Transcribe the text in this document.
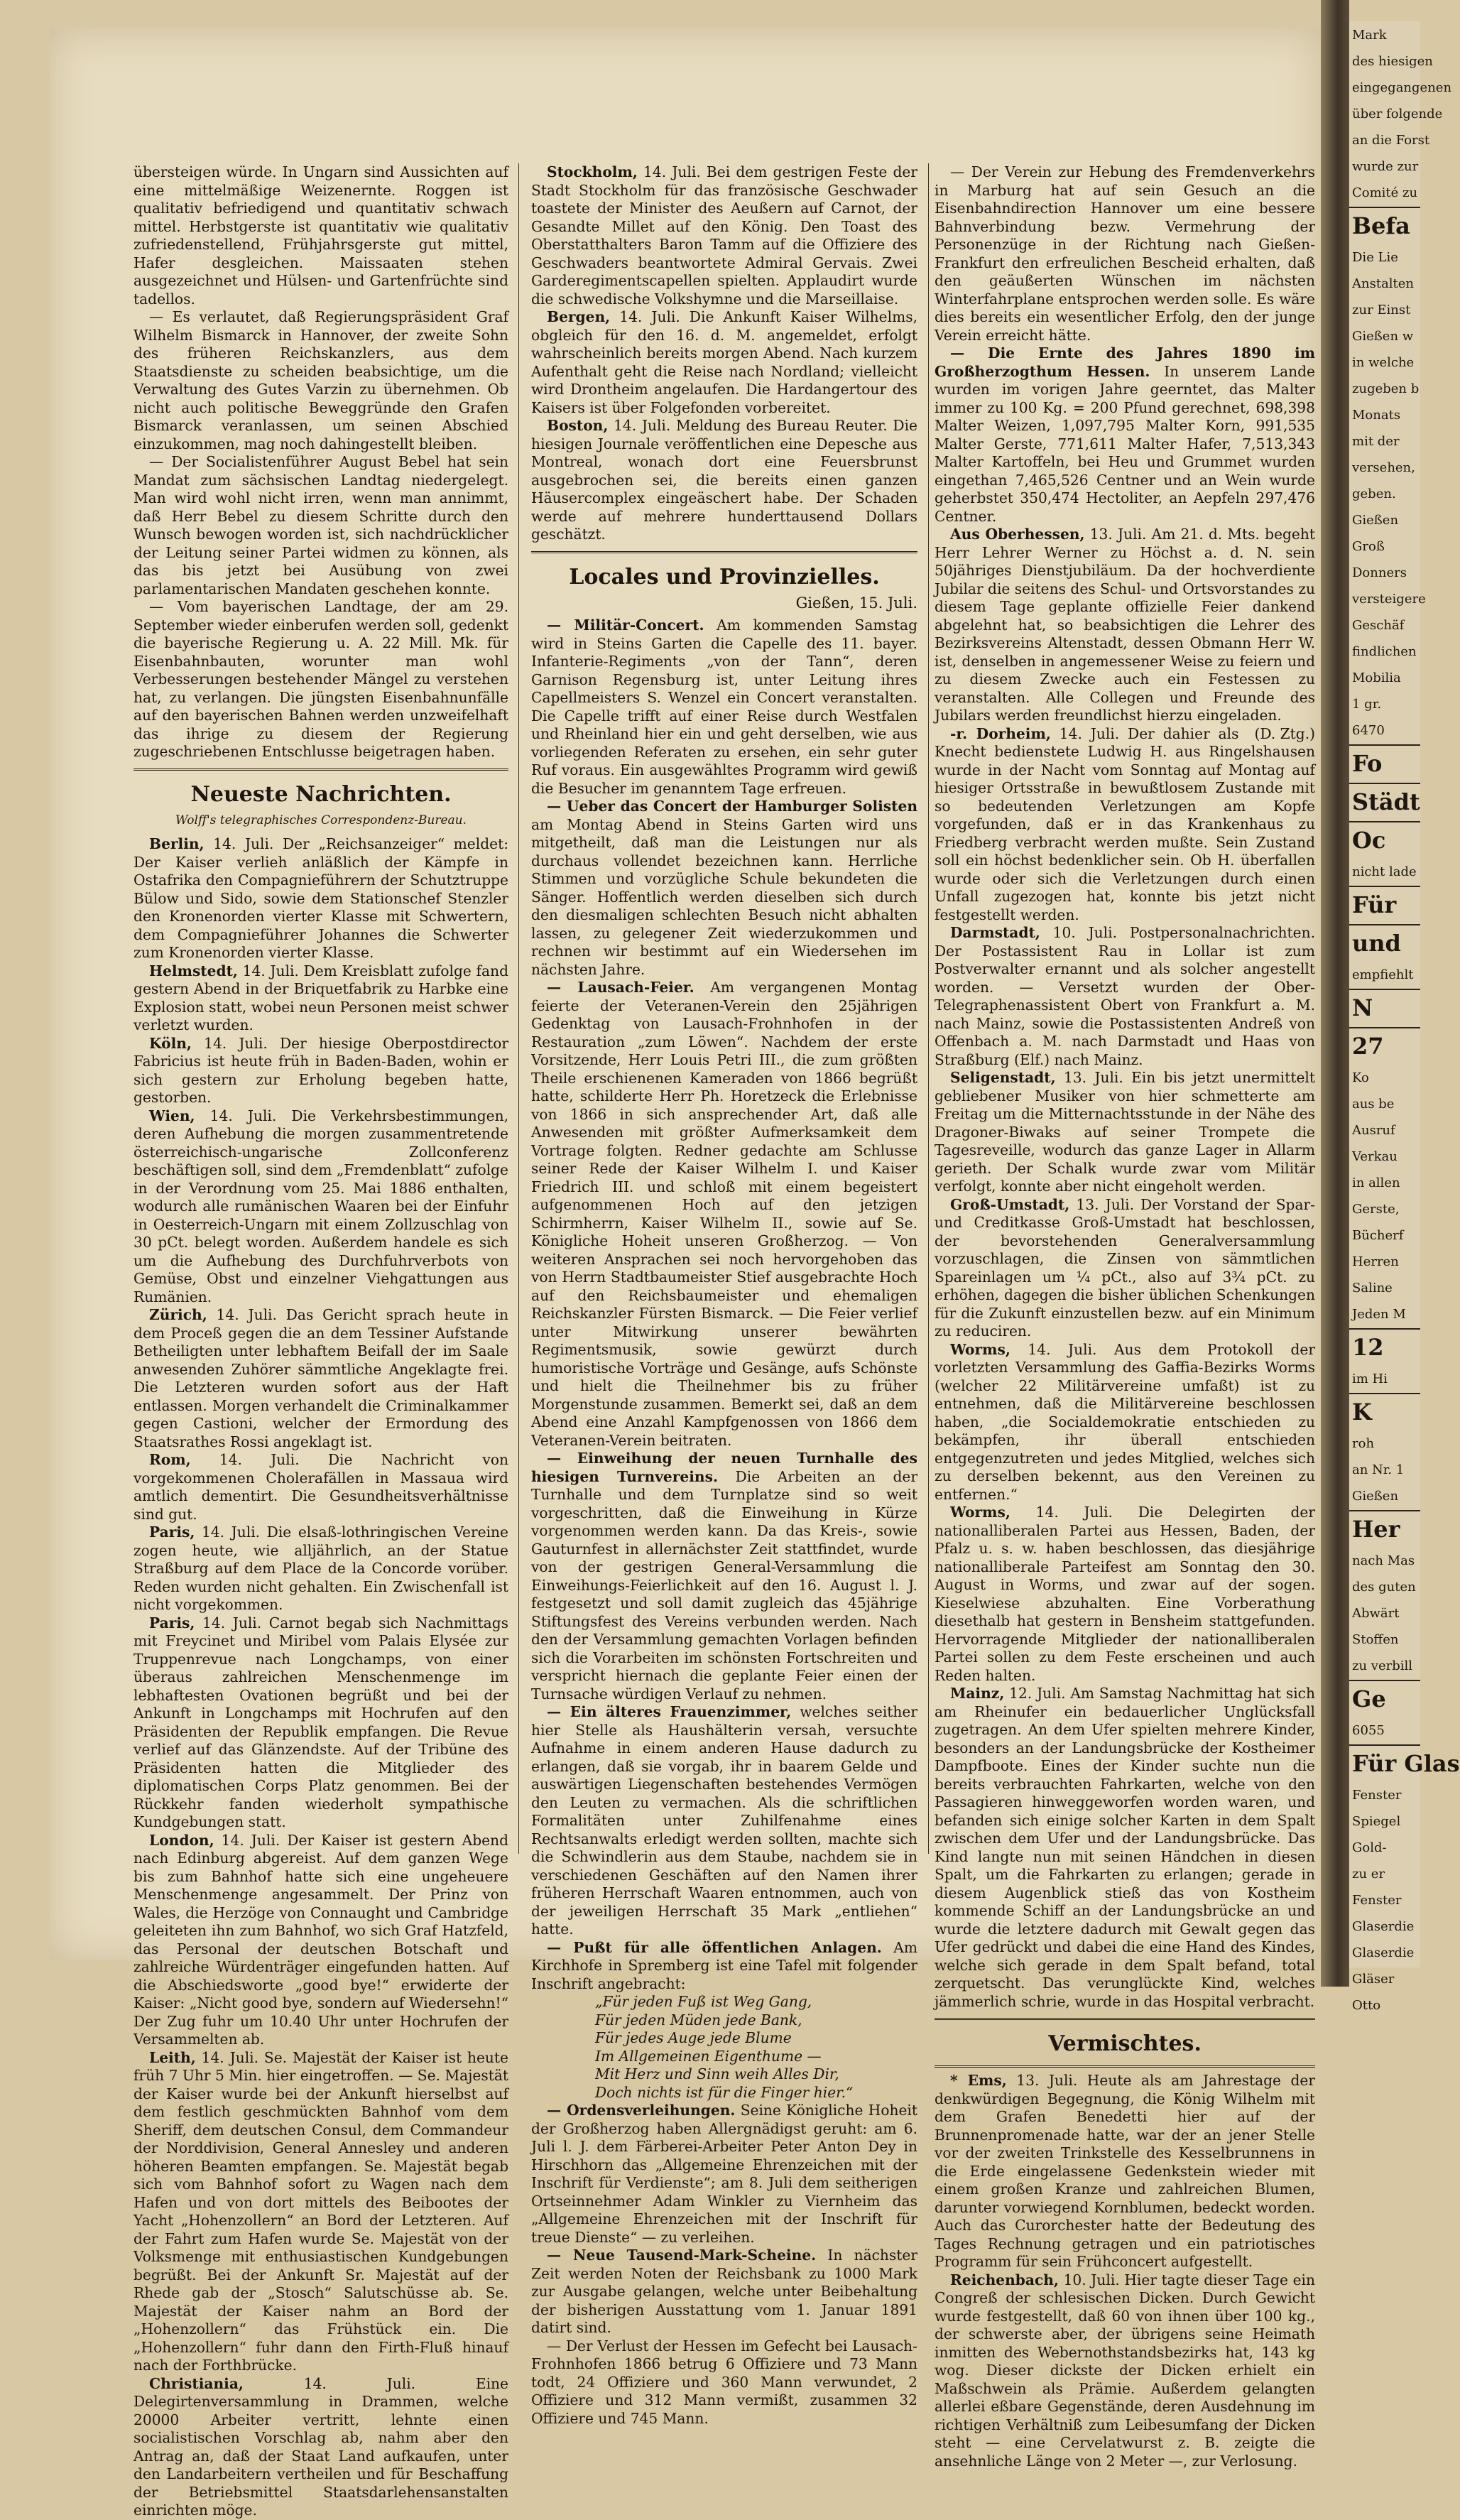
übersteigen würde. In Ungarn sind Aussichten auf eine mittelmäßige Weizenernte. Roggen ist qualitativ befriedigend und quantitativ schwach mittel. Herbstgerste ist quantitativ wie qualitativ zufriedenstellend, Frühjahrsgerste gut mittel, Hafer desgleichen. Maissaaten stehen ausgezeichnet und Hülsen- und Gartenfrüchte sind tadellos.

— Es verlautet, daß Regierungspräsident Graf Wilhelm Bismarck in Hannover, der zweite Sohn des früheren Reichskanzlers, aus dem Staatsdienste zu scheiden beabsichtige, um die Verwaltung des Gutes Varzin zu übernehmen. Ob nicht auch politische Beweggründe den Grafen Bismarck veranlassen, um seinen Abschied einzukommen, mag noch dahingestellt bleiben.

— Der Socialistenführer August Bebel hat sein Mandat zum sächsischen Landtag niedergelegt. Man wird wohl nicht irren, wenn man annimmt, daß Herr Bebel zu diesem Schritte durch den Wunsch bewogen worden ist, sich nachdrücklicher der Leitung seiner Partei widmen zu können, als das bis jetzt bei Ausübung von zwei parlamentarischen Mandaten geschehen konnte.

— Vom bayerischen Landtage, der am 29. September wieder einberufen werden soll, gedenkt die bayerische Regierung u. A. 22 Mill. Mk. für Eisenbahnbauten, worunter man wohl Verbesserungen bestehender Mängel zu verstehen hat, zu verlangen. Die jüngsten Eisenbahnunfälle auf den bayerischen Bahnen werden unzweifelhaft das ihrige zu diesem der Regierung zugeschriebenen Entschlusse beigetragen haben.

Neueste Nachrichten.
Wolff's telegraphisches Correspondenz-Bureau.

Berlin, 14. Juli. Der „Reichsanzeiger“ meldet: Der Kaiser verlieh anläßlich der Kämpfe in Ostafrika den Compagnieführern der Schutztruppe Bülow und Sido, sowie dem Stationschef Stenzler den Kronenorden vierter Klasse mit Schwertern, dem Compagnieführer Johannes die Schwerter zum Kronenorden vierter Klasse.

Helmstedt, 14. Juli. Dem Kreisblatt zufolge fand gestern Abend in der Briquetfabrik zu Harbke eine Explosion statt, wobei neun Personen meist schwer verletzt wurden.

Köln, 14. Juli. Der hiesige Oberpostdirector Fabricius ist heute früh in Baden-Baden, wohin er sich gestern zur Erholung begeben hatte, gestorben.

Wien, 14. Juli. Die Verkehrsbestimmungen, deren Aufhebung die morgen zusammentretende österreichisch-ungarische Zollconferenz beschäftigen soll, sind dem „Fremdenblatt“ zufolge in der Verordnung vom 25. Mai 1886 enthalten, wodurch alle rumänischen Waaren bei der Einfuhr in Oesterreich-Ungarn mit einem Zollzuschlag von 30 pCt. belegt worden. Außerdem handele es sich um die Aufhebung des Durchfuhrverbots von Gemüse, Obst und einzelner Viehgattungen aus Rumänien.

Zürich, 14. Juli. Das Gericht sprach heute in dem Proceß gegen die an dem Tessiner Aufstande Betheiligten unter lebhaftem Beifall der im Saale anwesenden Zuhörer sämmtliche Angeklagte frei. Die Letzteren wurden sofort aus der Haft entlassen. Morgen verhandelt die Criminalkammer gegen Castioni, welcher der Ermordung des Staatsrathes Rossi angeklagt ist.

Rom, 14. Juli. Die Nachricht von vorgekommenen Cholerafällen in Massaua wird amtlich dementirt. Die Gesundheitsverhältnisse sind gut.

Paris, 14. Juli. Die elsaß-lothringischen Vereine zogen heute, wie alljährlich, an der Statue Straßburg auf dem Place de la Concorde vorüber. Reden wurden nicht gehalten. Ein Zwischenfall ist nicht vorgekommen.

Paris, 14. Juli. Carnot begab sich Nachmittags mit Freycinet und Miribel vom Palais Elysée zur Truppenrevue nach Longchamps, von einer überaus zahlreichen Menschenmenge im lebhaftesten Ovationen begrüßt und bei der Ankunft in Longchamps mit Hochrufen auf den Präsidenten der Republik empfangen. Die Revue verlief auf das Glänzendste. Auf der Tribüne des Präsidenten hatten die Mitglieder des diplomatischen Corps Platz genommen. Bei der Rückkehr fanden wiederholt sympathische Kundgebungen statt.

London, 14. Juli. Der Kaiser ist gestern Abend nach Edinburg abgereist. Auf dem ganzen Wege bis zum Bahnhof hatte sich eine ungeheuere Menschenmenge angesammelt. Der Prinz von Wales, die Herzöge von Connaught und Cambridge geleiteten ihn zum Bahnhof, wo sich Graf Hatzfeld, das Personal der deutschen Botschaft und zahlreiche Würdenträger eingefunden hatten. Auf die Abschiedsworte „good bye!“ erwiderte der Kaiser: „Nicht good bye, sondern auf Wiedersehn!“ Der Zug fuhr um 10.40 Uhr unter Hochrufen der Versammelten ab.

Leith, 14. Juli. Se. Majestät der Kaiser ist heute früh 7 Uhr 5 Min. hier eingetroffen. — Se. Majestät der Kaiser wurde bei der Ankunft hierselbst auf dem festlich geschmückten Bahnhof vom dem Sheriff, dem deutschen Consul, dem Commandeur der Norddivision, General Annesley und anderen höheren Beamten empfangen. Se. Majestät begab sich vom Bahnhof sofort zu Wagen nach dem Hafen und von dort mittels des Beibootes der Yacht „Hohenzollern“ an Bord der Letzteren. Auf der Fahrt zum Hafen wurde Se. Majestät von der Volksmenge mit enthusiastischen Kundgebungen begrüßt. Bei der Ankunft Sr. Majestät auf der Rhede gab der „Stosch“ Salutschüsse ab. Se. Majestät der Kaiser nahm an Bord der „Hohenzollern“ das Frühstück ein. Die „Hohenzollern“ fuhr dann den Firth-Fluß hinauf nach der Forthbrücke.

Christiania, 14. Juli. Eine Delegirtenversammlung in Drammen, welche 20000 Arbeiter vertritt, lehnte einen socialistischen Vorschlag ab, nahm aber den Antrag an, daß der Staat Land aufkaufen, unter den Landarbeitern vertheilen und für Beschaffung der Betriebsmittel Staatsdarlehensanstalten einrichten möge.

Stockholm, 14. Juli. Bei dem gestrigen Feste der Stadt Stockholm für das französische Geschwader toastete der Minister des Aeußern auf Carnot, der Gesandte Millet auf den König. Den Toast des Oberstatthalters Baron Tamm auf die Offiziere des Geschwaders beantwortete Admiral Gervais. Zwei Garderegimentscapellen spielten. Applaudirt wurde die schwedische Volkshymne und die Marseillaise.

Bergen, 14. Juli. Die Ankunft Kaiser Wilhelms, obgleich für den 16. d. M. angemeldet, erfolgt wahrscheinlich bereits morgen Abend. Nach kurzem Aufenthalt geht die Reise nach Nordland; vielleicht wird Drontheim angelaufen. Die Hardangertour des Kaisers ist über Folgefonden vorbereitet.

Boston, 14. Juli. Meldung des Bureau Reuter. Die hiesigen Journale veröffentlichen eine Depesche aus Montreal, wonach dort eine Feuersbrunst ausgebrochen sei, die bereits einen ganzen Häusercomplex eingeäschert habe. Der Schaden werde auf mehrere hunderttausend Dollars geschätzt.

Locales und Provinzielles.
Gießen, 15. Juli.

— Militär-Concert. Am kommenden Samstag wird in Steins Garten die Capelle des 11. bayer. Infanterie-Regiments „von der Tann“, deren Garnison Regensburg ist, unter Leitung ihres Capellmeisters S. Wenzel ein Concert veranstalten. Die Capelle trifft auf einer Reise durch Westfalen und Rheinland hier ein und geht derselben, wie aus vorliegenden Referaten zu ersehen, ein sehr guter Ruf voraus. Ein ausgewähltes Programm wird gewiß die Besucher im genanntem Tage erfreuen.

— Ueber das Concert der Hamburger Solisten am Montag Abend in Steins Garten wird uns mitgetheilt, daß man die Leistungen nur als durchaus vollendet bezeichnen kann. Herrliche Stimmen und vorzügliche Schule bekundeten die Sänger. Hoffentlich werden dieselben sich durch den diesmaligen schlechten Besuch nicht abhalten lassen, zu gelegener Zeit wiederzukommen und rechnen wir bestimmt auf ein Wiedersehen im nächsten Jahre.

— Lausach-Feier. Am vergangenen Montag feierte der Veteranen-Verein den 25jährigen Gedenktag von Lausach-Frohnhofen in der Restauration „zum Löwen“. Nachdem der erste Vorsitzende, Herr Louis Petri III., die zum größten Theile erschienenen Kameraden von 1866 begrüßt hatte, schilderte Herr Ph. Horetzeck die Erlebnisse von 1866 in sich ansprechender Art, daß alle Anwesenden mit größter Aufmerksamkeit dem Vortrage folgten. Redner gedachte am Schlusse seiner Rede der Kaiser Wilhelm I. und Kaiser Friedrich III. und schloß mit einem begeistert aufgenommenen Hoch auf den jetzigen Schirmherrn, Kaiser Wilhelm II., sowie auf Se. Königliche Hoheit unseren Großherzog. — Von weiteren Ansprachen sei noch hervorgehoben das von Herrn Stadtbaumeister Stief ausgebrachte Hoch auf den Reichsbaumeister und ehemaligen Reichskanzler Fürsten Bismarck. — Die Feier verlief unter Mitwirkung unserer bewährten Regimentsmusik, sowie gewürzt durch humoristische Vorträge und Gesänge, aufs Schönste und hielt die Theilnehmer bis zu früher Morgenstunde zusammen. Bemerkt sei, daß an dem Abend eine Anzahl Kampfgenossen von 1866 dem Veteranen-Verein beitraten.

— Einweihung der neuen Turnhalle des hiesigen Turnvereins. Die Arbeiten an der Turnhalle und dem Turnplatze sind so weit vorgeschritten, daß die Einweihung in Kürze vorgenommen werden kann. Da das Kreis-, sowie Gauturnfest in allernächster Zeit stattfindet, wurde von der gestrigen General-Versammlung die Einweihungs-Feierlichkeit auf den 16. August l. J. festgesetzt und soll damit zugleich das 45jährige Stiftungsfest des Vereins verbunden werden. Nach den der Versammlung gemachten Vorlagen befinden sich die Vorarbeiten im schönsten Fortschreiten und verspricht hiernach die geplante Feier einen der Turnsache würdigen Verlauf zu nehmen.

— Ein älteres Frauenzimmer, welches seither hier Stelle als Haushälterin versah, versuchte Aufnahme in einem anderen Hause dadurch zu erlangen, daß sie vorgab, ihr in baarem Gelde und auswärtigen Liegenschaften bestehendes Vermögen den Leuten zu vermachen. Als die schriftlichen Formalitäten unter Zuhilfenahme eines Rechtsanwalts erledigt werden sollten, machte sich die Schwindlerin aus dem Staube, nachdem sie in verschiedenen Geschäften auf den Namen ihrer früheren Herrschaft Waaren entnommen, auch von der jeweiligen Herrschaft 35 Mark „entliehen“ hatte.

— Pußt für alle öffentlichen Anlagen. Am Kirchhofe in Spremberg ist eine Tafel mit folgender Inschrift angebracht:

„Für jeden Fuß ist Weg Gang,
Für jeden Müden jede Bank,
Für jedes Auge jede Blume
Im Allgemeinen Eigenthume —
Mit Herz und Sinn weih Alles Dir,
Doch nichts ist für die Finger hier.“

— Ordensverleihungen. Seine Königliche Hoheit der Großherzog haben Allergnädigst geruht: am 6. Juli l. J. dem Färberei-Arbeiter Peter Anton Dey in Hirschhorn das „Allgemeine Ehrenzeichen mit der Inschrift für Verdienste“; am 8. Juli dem seitherigen Ortseinnehmer Adam Winkler zu Viernheim das „Allgemeine Ehrenzeichen mit der Inschrift für treue Dienste“ — zu verleihen.

— Neue Tausend-Mark-Scheine. In nächster Zeit werden Noten der Reichsbank zu 1000 Mark zur Ausgabe gelangen, welche unter Beibehaltung der bisherigen Ausstattung vom 1. Januar 1891 datirt sind.

— Der Verlust der Hessen im Gefecht bei Lausach-Frohnhofen 1866 betrug 6 Offiziere und 73 Mann todt, 24 Offiziere und 360 Mann verwundet, 2 Offiziere und 312 Mann vermißt, zusammen 32 Offiziere und 745 Mann.

— Der Verein zur Hebung des Fremdenverkehrs in Marburg hat auf sein Gesuch an die Eisenbahndirection Hannover um eine bessere Bahnverbindung bezw. Vermehrung der Personenzüge in der Richtung nach Gießen-Frankfurt den erfreulichen Bescheid erhalten, daß den geäußerten Wünschen im nächsten Winterfahrplane entsprochen werden solle. Es wäre dies bereits ein wesentlicher Erfolg, den der junge Verein erreicht hätte.

— Die Ernte des Jahres 1890 im Großherzogthum Hessen. In unserem Lande wurden im vorigen Jahre geerntet, das Malter immer zu 100 Kg. = 200 Pfund gerechnet, 698,398 Malter Weizen, 1,097,795 Malter Korn, 991,535 Malter Gerste, 771,611 Malter Hafer, 7,513,343 Malter Kartoffeln, bei Heu und Grummet wurden eingethan 7,465,526 Centner und an Wein wurde geherbstet 350,474 Hectoliter, an Aepfeln 297,476 Centner.

Aus Oberhessen, 13. Juli. Am 21. d. Mts. begeht Herr Lehrer Werner zu Höchst a. d. N. sein 50jähriges Dienstjubiläum. Da der hochverdiente Jubilar die seitens des Schul- und Ortsvorstandes zu diesem Tage geplante offizielle Feier dankend abgelehnt hat, so beabsichtigen die Lehrer des Bezirksvereins Altenstadt, dessen Obmann Herr W. ist, denselben in angemessener Weise zu feiern und zu diesem Zwecke auch ein Festessen zu veranstalten. Alle Collegen und Freunde des Jubilars werden freundlichst hierzu eingeladen.
(D. Ztg.)

-r. Dorheim, 14. Juli. Der dahier als Knecht bedienstete Ludwig H. aus Ringelshausen wurde in der Nacht vom Sonntag auf Montag auf hiesiger Ortsstraße in bewußtlosem Zustande mit so bedeutenden Verletzungen am Kopfe vorgefunden, daß er in das Krankenhaus zu Friedberg verbracht werden mußte. Sein Zustand soll ein höchst bedenklicher sein. Ob H. überfallen wurde oder sich die Verletzungen durch einen Unfall zugezogen hat, konnte bis jetzt nicht festgestellt werden.

Darmstadt, 10. Juli. Postpersonalnachrichten. Der Postassistent Rau in Lollar ist zum Postverwalter ernannt und als solcher angestellt worden. — Versetzt wurden der Ober-Telegraphenassistent Obert von Frankfurt a. M. nach Mainz, sowie die Postassistenten Andreß von Offenbach a. M. nach Darmstadt und Haas von Straßburg (Elf.) nach Mainz.

Seligenstadt, 13. Juli. Ein bis jetzt unermittelt gebliebener Musiker von hier schmetterte am Freitag um die Mitternachtsstunde in der Nähe des Dragoner-Biwaks auf seiner Trompete die Tagesreveille, wodurch das ganze Lager in Allarm gerieth. Der Schalk wurde zwar vom Militär verfolgt, konnte aber nicht eingeholt werden.

Groß-Umstadt, 13. Juli. Der Vorstand der Spar- und Creditkasse Groß-Umstadt hat beschlossen, der bevorstehenden Generalversammlung vorzuschlagen, die Zinsen von sämmtlichen Spareinlagen um ¼ pCt., also auf 3¾ pCt. zu erhöhen, dagegen die bisher üblichen Schenkungen für die Zukunft einzustellen bezw. auf ein Minimum zu reduciren.

Worms, 14. Juli. Aus dem Protokoll der vorletzten Versammlung des Gaffia-Bezirks Worms (welcher 22 Militärvereine umfaßt) ist zu entnehmen, daß die Militärvereine beschlossen haben, „die Socialdemokratie entschieden zu bekämpfen, ihr überall entschieden entgegenzutreten und jedes Mitglied, welches sich zu derselben bekennt, aus den Vereinen zu entfernen.“

Worms, 14. Juli. Die Delegirten der nationalliberalen Partei aus Hessen, Baden, der Pfalz u. s. w. haben beschlossen, das diesjährige nationalliberale Parteifest am Sonntag den 30. August in Worms, und zwar auf der sogen. Kieselwiese abzuhalten. Eine Vorberathung diesethalb hat gestern in Bensheim stattgefunden. Hervorragende Mitglieder der nationalliberalen Partei sollen zu dem Feste erscheinen und auch Reden halten.

Mainz, 12. Juli. Am Samstag Nachmittag hat sich am Rheinufer ein bedauerlicher Unglücksfall zugetragen. An dem Ufer spielten mehrere Kinder, besonders an der Landungsbrücke der Kostheimer Dampfboote. Eines der Kinder suchte nun die bereits verbrauchten Fahrkarten, welche von den Passagieren hinweggeworfen worden waren, und befanden sich einige solcher Karten in dem Spalt zwischen dem Ufer und der Landungsbrücke. Das Kind langte nun mit seinen Händchen in diesen Spalt, um die Fahrkarten zu erlangen; gerade in diesem Augenblick stieß das von Kostheim kommende Schiff an der Landungsbrücke an und wurde die letztere dadurch mit Gewalt gegen das Ufer gedrückt und dabei die eine Hand des Kindes, welche sich gerade in dem Spalt befand, total zerquetscht. Das verunglückte Kind, welches jämmerlich schrie, wurde in das Hospital verbracht.

Vermischtes.

* Ems, 13. Juli. Heute als am Jahrestage der denkwürdigen Begegnung, die König Wilhelm mit dem Grafen Benedetti hier auf der Brunnenpromenade hatte, war der an jener Stelle vor der zweiten Trinkstelle des Kesselbrunnens in die Erde eingelassene Gedenkstein wieder mit einem großen Kranze und zahlreichen Blumen, darunter vorwiegend Kornblumen, bedeckt worden. Auch das Curorchester hatte der Bedeutung des Tages Rechnung getragen und ein patriotisches Programm für sein Frühconcert aufgestellt.

Reichenbach, 10. Juli. Hier tagte dieser Tage ein Congreß der schlesischen Dicken. Durch Gewicht wurde festgestellt, daß 60 von ihnen über 100 kg., der schwerste aber, der übrigens seine Heimath inmitten des Webernothstandsbezirks hat, 143 kg wog. Dieser dickste der Dicken erhielt ein Maßschwein als Prämie. Außerdem gelangten allerlei eßbare Gegenstände, deren Ausdehnung im richtigen Verhältniß zum Leibesumfang der Dicken steht — eine Cervelatwurst z. B. zeigte die ansehnliche Länge von 2 Meter —, zur Verlosung.

Mark
des hiesigen
eingegangenen
über folgende
an die Forst
wurde zur
Comité zu
Befa
Die Lie
Anstalten
zur Einst
Gießen w
in welche
zugeben b
Monats
mit der
versehen,
geben.
Gießen
Groß
Donners
versteigere
Geschäf
findlichen
Mobilia
1 gr.
6470
Fo
Städt
Oc
nicht lade
Für
und
empfiehlt
N
27
Ko
aus be
Ausruf
Verkau
in allen
Gerste,
Bücherf
Herren
Saline
Jeden M
12
im Hi
K
roh
an Nr. 1
Gießen
Her
nach Mas
des guten
Abwärt
Stoffen
zu verbill
Ge
6055
Für Glas
Fenster
Spiegel
Gold-
zu er
Fenster
Glaserdie
Glaserdie
Gläser
Otto
